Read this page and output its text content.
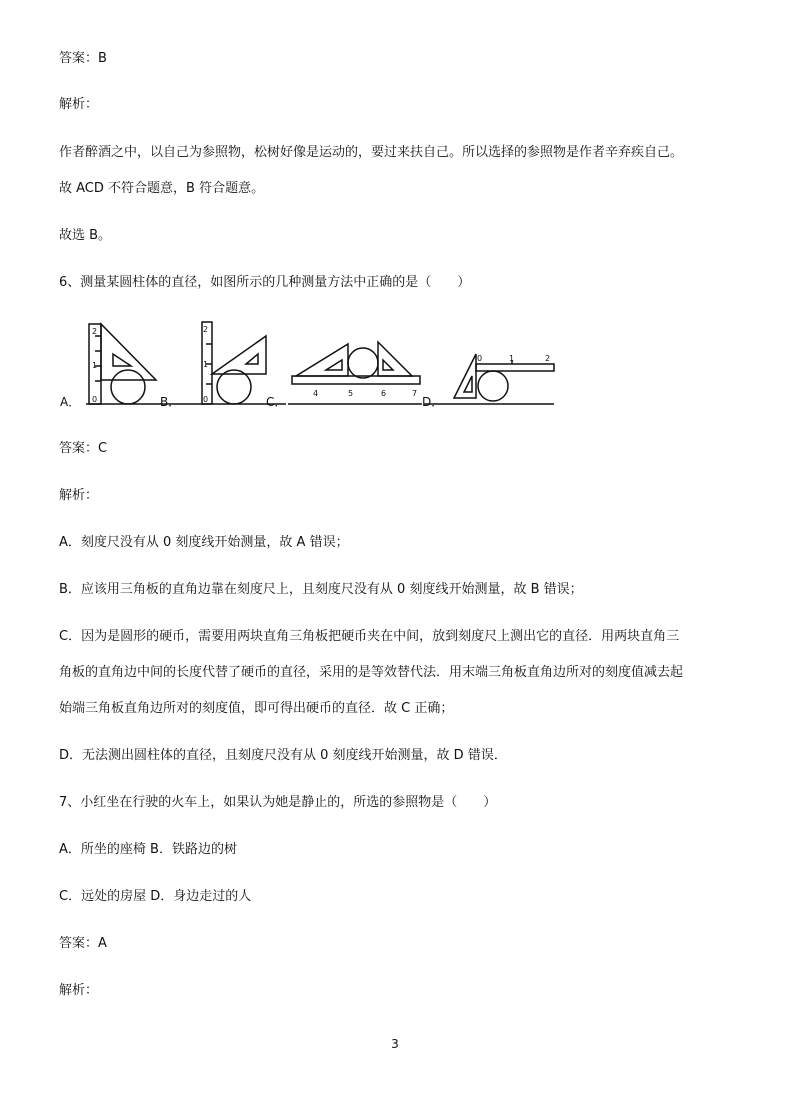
答案：B
解析：
作者醉酒之中，以自己为参照物，松树好像是运动的，要过来扶自己。所以选择的参照物是作者辛弃疾自己。
故 ACD 不符合题意，B 符合题意。
故选 B。
6、测量某圆柱体的直径，如图所示的几种测量方法中正确的是（　　）
A．	B．	C．	D．
0
1
2
0
1
2
4	5	6	7
0	1	2
答案：C
解析：
A．刻度尺没有从 0 刻度线开始测量，故 A 错误；
B．应该用三角板的直角边靠在刻度尺上，且刻度尺没有从 0 刻度线开始测量，故 B 错误；
C．因为是圆形的硬币，需要用两块直角三角板把硬币夹在中间，放到刻度尺上测出它的直径．用两块直角三
角板的直角边中间的长度代替了硬币的直径，采用的是等效替代法．用末端三角板直角边所对的刻度值减去起
始端三角板直角边所对的刻度值，即可得出硬币的直径．故 C 正确；
D．无法测出圆柱体的直径，且刻度尺没有从 0 刻度线开始测量，故 D 错误．
7、小红坐在行驶的火车上，如果认为她是静止的，所选的参照物是（　　）
A．所坐的座椅 B．铁路边的树
C．远处的房屋 D．身边走过的人
答案：A
解析：
3
